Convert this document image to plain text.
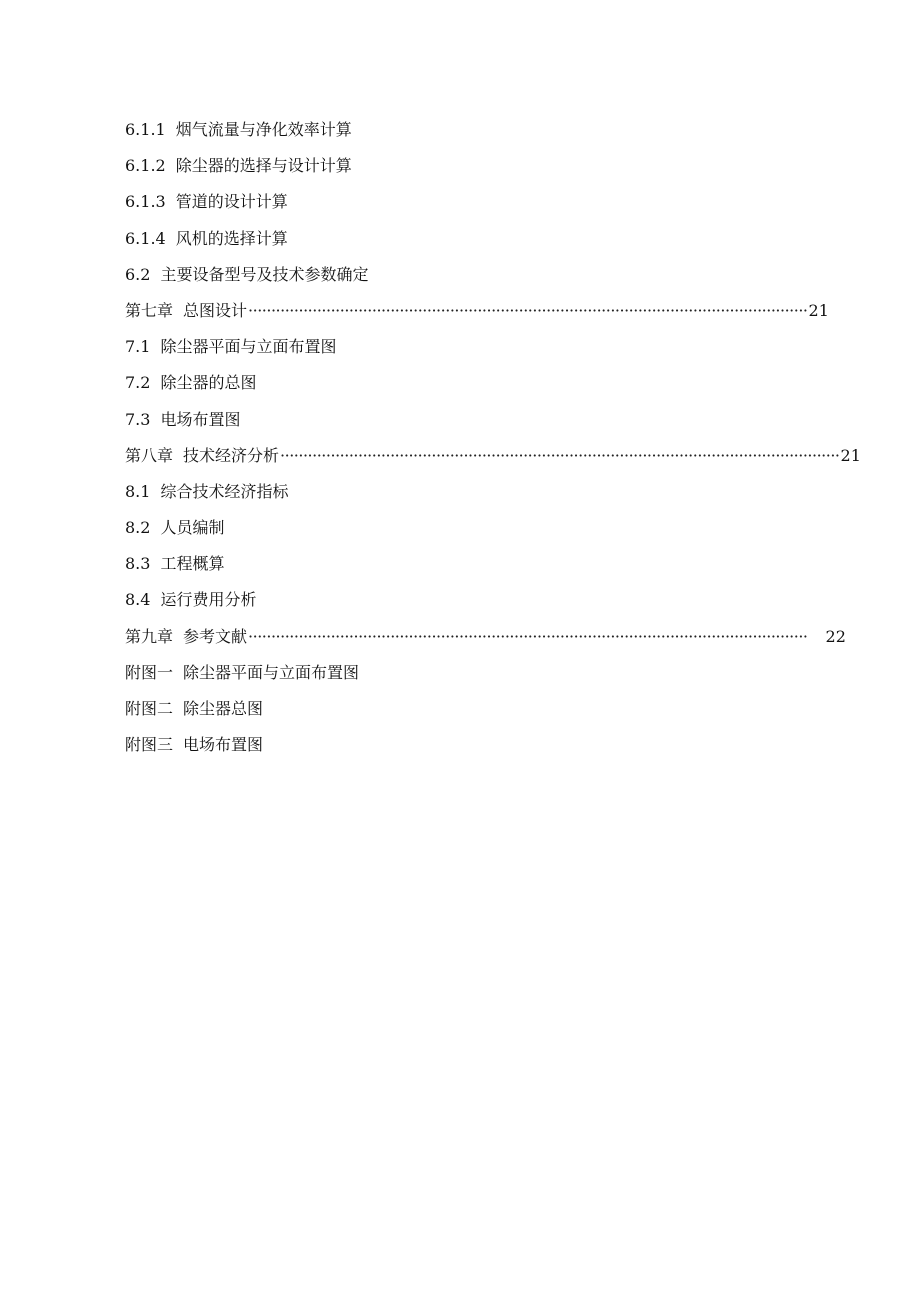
6.1.1 烟气流量与净化效率计算
6.1.2 除尘器的选择与设计计算
6.1.3 管道的设计计算
6.1.4 风机的选择计算
6.2 主要设备型号及技术参数确定
第七章 总图设计 ·························································································································· 21
7.1 除尘器平面与立面布置图
7.2 除尘器的总图
7.3 电场布置图
第八章 技术经济分析 ·························································································································· 21
8.1 综合技术经济指标
8.2 人员编制
8.3 工程概算
8.4 运行费用分析
第九章 参考文献 ·························································································································· 22
附图一 除尘器平面与立面布置图
附图二 除尘器总图
附图三 电场布置图
